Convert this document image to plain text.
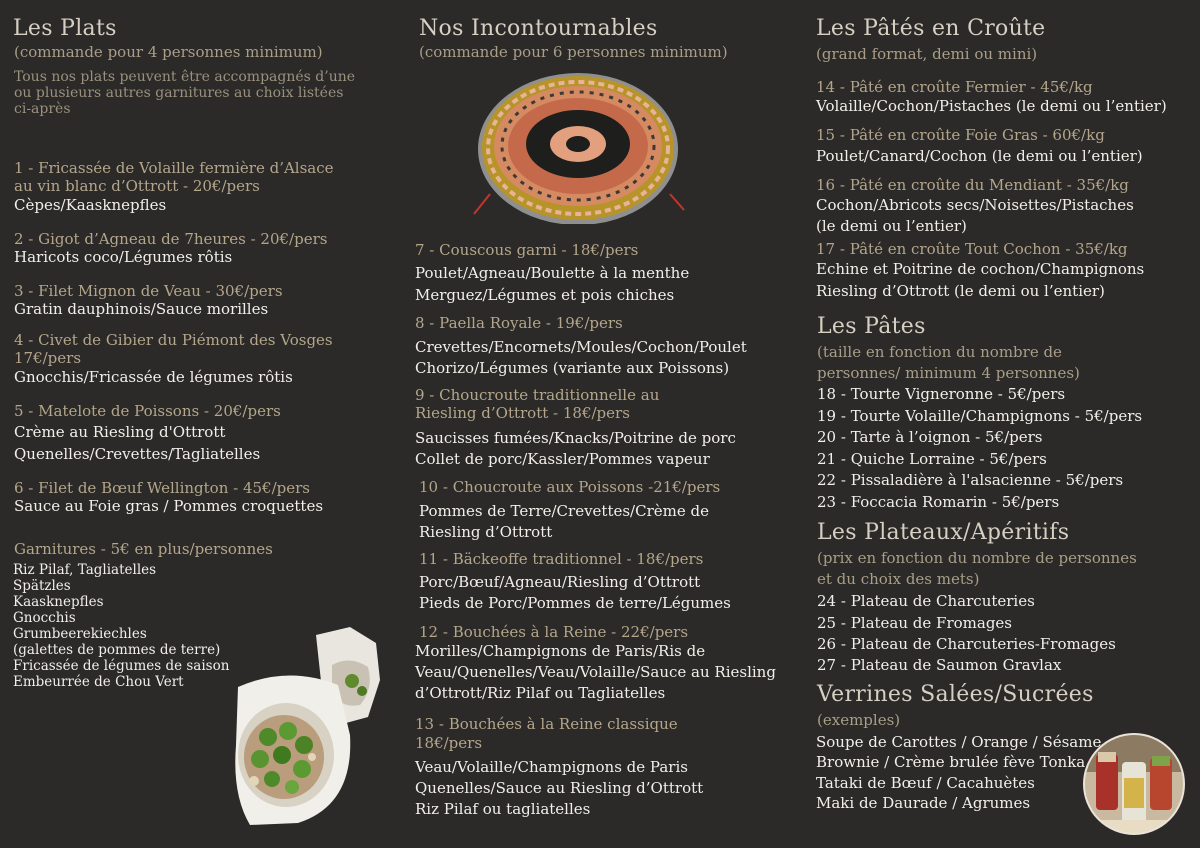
Les Plats
(commande pour 4 personnes minimum)
Tous nos plats peuvent être accompagnés d’une ou plusieurs autres garnitures au choix listées ci-après
1 - Fricassée de Volaille fermière d’Alsace
au vin blanc d’Ottrott - 20€/pers
Cèpes/Kaasknepfles
2 - Gigot d’Agneau de 7heures - 20€/pers
Haricots coco/Légumes rôtis
3 - Filet Mignon de Veau - 30€/pers
Gratin dauphinois/Sauce morilles
4 - Civet de Gibier du Piémont des Vosges
17€/pers
Gnocchis/Fricassée de légumes rôtis
5 - Matelote de Poissons - 20€/pers
Crème au Riesling d'Ottrott
Quenelles/Crevettes/Tagliatelles
6 - Filet de Bœuf Wellington - 45€/pers
Sauce au Foie gras / Pommes croquettes
Garnitures - 5€ en plus/personnes
Riz Pilaf, Tagliatelles
Spätzles
Kaasknepfles
Gnocchis
Grumbeerekiechles
(galettes de pommes de terre)
Fricassée de légumes de saison
Embeurrée de Chou Vert
Nos Incontournables
(commande pour 6 personnes minimum)
7 - Couscous garni - 18€/pers
Poulet/Agneau/Boulette à la menthe
Merguez/Légumes et pois chiches
8 - Paella Royale - 19€/pers
Crevettes/Encornets/Moules/Cochon/Poulet
Chorizo/Légumes (variante aux Poissons)
9 - Choucroute traditionnelle au
Riesling d’Ottrott - 18€/pers
Saucisses fumées/Knacks/Poitrine de porc
Collet de porc/Kassler/Pommes vapeur
10 - Choucroute aux Poissons -21€/pers
Pommes de Terre/Crevettes/Crème de
Riesling d’Ottrott
11 - Bäckeoffe traditionnel - 18€/pers
Porc/Bœuf/Agneau/Riesling d’Ottrott
Pieds de Porc/Pommes de terre/Légumes
12 - Bouchées à la Reine - 22€/pers
Morilles/Champignons de Paris/Ris de
Veau/Quenelles/Veau/Volaille/Sauce au Riesling
d’Ottrott/Riz Pilaf ou Tagliatelles
13 - Bouchées à la Reine classique
18€/pers
Veau/Volaille/Champignons de Paris
Quenelles/Sauce au Riesling d’Ottrott
Riz Pilaf ou tagliatelles
Les Pâtés en Croûte
(grand format, demi ou mini)
14 - Pâté en croûte Fermier - 45€/kg
Volaille/Cochon/Pistaches (le demi ou l’entier)
15 - Pâté en croûte Foie Gras - 60€/kg
Poulet/Canard/Cochon (le demi ou l’entier)
16 - Pâté en croûte du Mendiant - 35€/kg
Cochon/Abricots secs/Noisettes/Pistaches
(le demi ou l’entier)
17 - Pâté en croûte Tout Cochon - 35€/kg
Echine et Poitrine de cochon/Champignons
Riesling d’Ottrott (le demi ou l’entier)
Les Pâtes
(taille en fonction du nombre de
personnes/ minimum 4 personnes)
18 - Tourte Vigneronne - 5€/pers
19 - Tourte Volaille/Champignons - 5€/pers
20 - Tarte à l’oignon - 5€/pers
21 - Quiche Lorraine - 5€/pers
22 - Pissaladière à l'alsacienne - 5€/pers
23 - Foccacia Romarin - 5€/pers
Les Plateaux/Apéritifs
(prix en fonction du nombre de personnes
et du choix des mets)
24 - Plateau de Charcuteries
25 - Plateau de Fromages
26 - Plateau de Charcuteries-Fromages
27 - Plateau de Saumon Gravlax
Verrines Salées/Sucrées
(exemples)
Soupe de Carottes / Orange / Sésame
Brownie / Crème brulée fève Tonka
Tataki de Bœuf / Cacahuètes
Maki de Daurade / Agrumes
